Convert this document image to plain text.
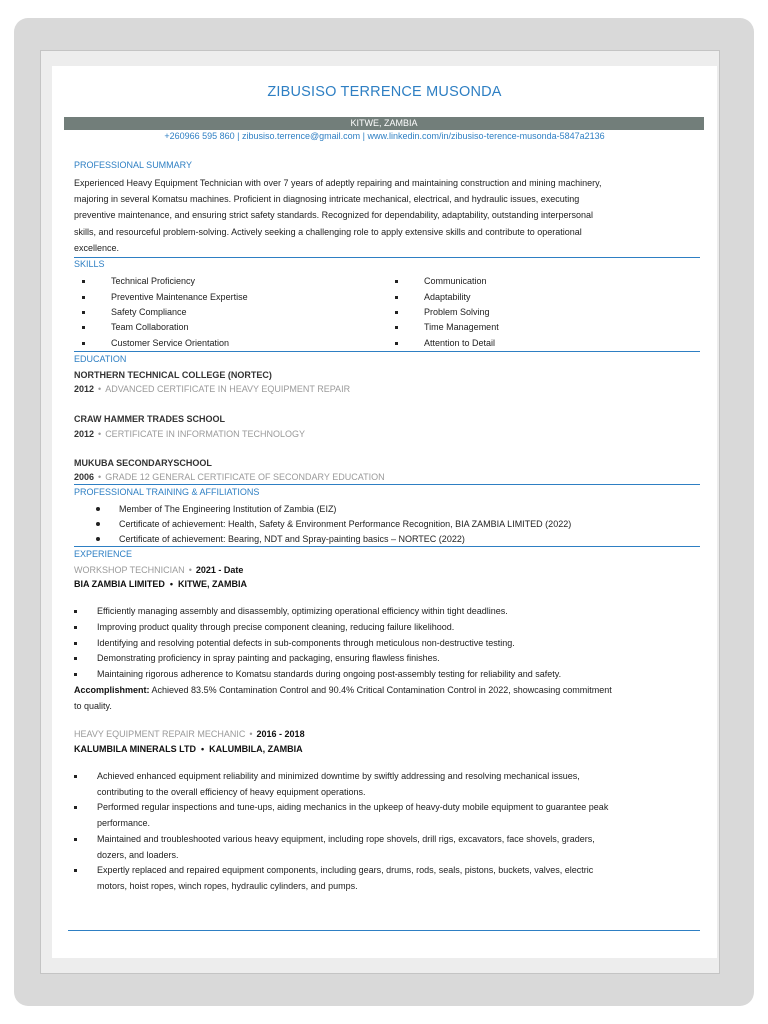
ZIBUSISO TERRENCE MUSONDA
KITWE, ZAMBIA
+260966 595 860 | zibusiso.terrence@gmail.com | www.linkedin.com/in/zibusiso-terence-musonda-5847a2136
PROFESSIONAL SUMMARY
Experienced Heavy Equipment Technician with over 7 years of adeptly repairing and maintaining construction and mining machinery,
majoring in several Komatsu machines. Proficient in diagnosing intricate mechanical, electrical, and hydraulic issues, executing
preventive maintenance, and ensuring strict safety standards. Recognized for dependability, adaptability, outstanding interpersonal
skills, and resourceful problem-solving. Actively seeking a challenging role to apply extensive skills and contribute to operational
excellence.
SKILLS
Technical Proficiency
Preventive Maintenance Expertise
Safety Compliance
Team Collaboration
Customer Service Orientation
Communication
Adaptability
Problem Solving
Time Management
Attention to Detail
EDUCATION
NORTHERN TECHNICAL COLLEGE (NORTEC)
2012 • ADVANCED CERTIFICATE IN HEAVY EQUIPMENT REPAIR
CRAW HAMMER TRADES SCHOOL
2012 • CERTIFICATE IN INFORMATION TECHNOLOGY
MUKUBA SECONDARYSCHOOL
2006 • GRADE 12 GENERAL CERTIFICATE OF SECONDARY EDUCATION
PROFESSIONAL TRAINING & AFFILIATIONS
Member of The Engineering Institution of Zambia (EIZ)
Certificate of achievement: Health, Safety & Environment Performance Recognition, BIA ZAMBIA LIMITED (2022)
Certificate of achievement: Bearing, NDT and Spray-painting basics – NORTEC (2022)
EXPERIENCE
WORKSHOP TECHNICIAN • 2021 - Date
BIA ZAMBIA LIMITED • KITWE, ZAMBIA
Efficiently managing assembly and disassembly, optimizing operational efficiency within tight deadlines.
Improving product quality through precise component cleaning, reducing failure likelihood.
Identifying and resolving potential defects in sub-components through meticulous non-destructive testing.
Demonstrating proficiency in spray painting and packaging, ensuring flawless finishes.
Maintaining rigorous adherence to Komatsu standards during ongoing post-assembly testing for reliability and safety.
Accomplishment: Achieved 83.5% Contamination Control and 90.4% Critical Contamination Control in 2022, showcasing commitment
to quality.
HEAVY EQUIPMENT REPAIR MECHANIC • 2016 - 2018
KALUMBILA MINERALS LTD • KALUMBILA, ZAMBIA
Achieved enhanced equipment reliability and minimized downtime by swiftly addressing and resolving mechanical issues,
contributing to the overall efficiency of heavy equipment operations.
Performed regular inspections and tune-ups, aiding mechanics in the upkeep of heavy-duty mobile equipment to guarantee peak
performance.
Maintained and troubleshooted various heavy equipment, including rope shovels, drill rigs, excavators, face shovels, graders,
dozers, and loaders.
Expertly replaced and repaired equipment components, including gears, drums, rods, seals, pistons, buckets, valves, electric
motors, hoist ropes, winch ropes, hydraulic cylinders, and pumps.
